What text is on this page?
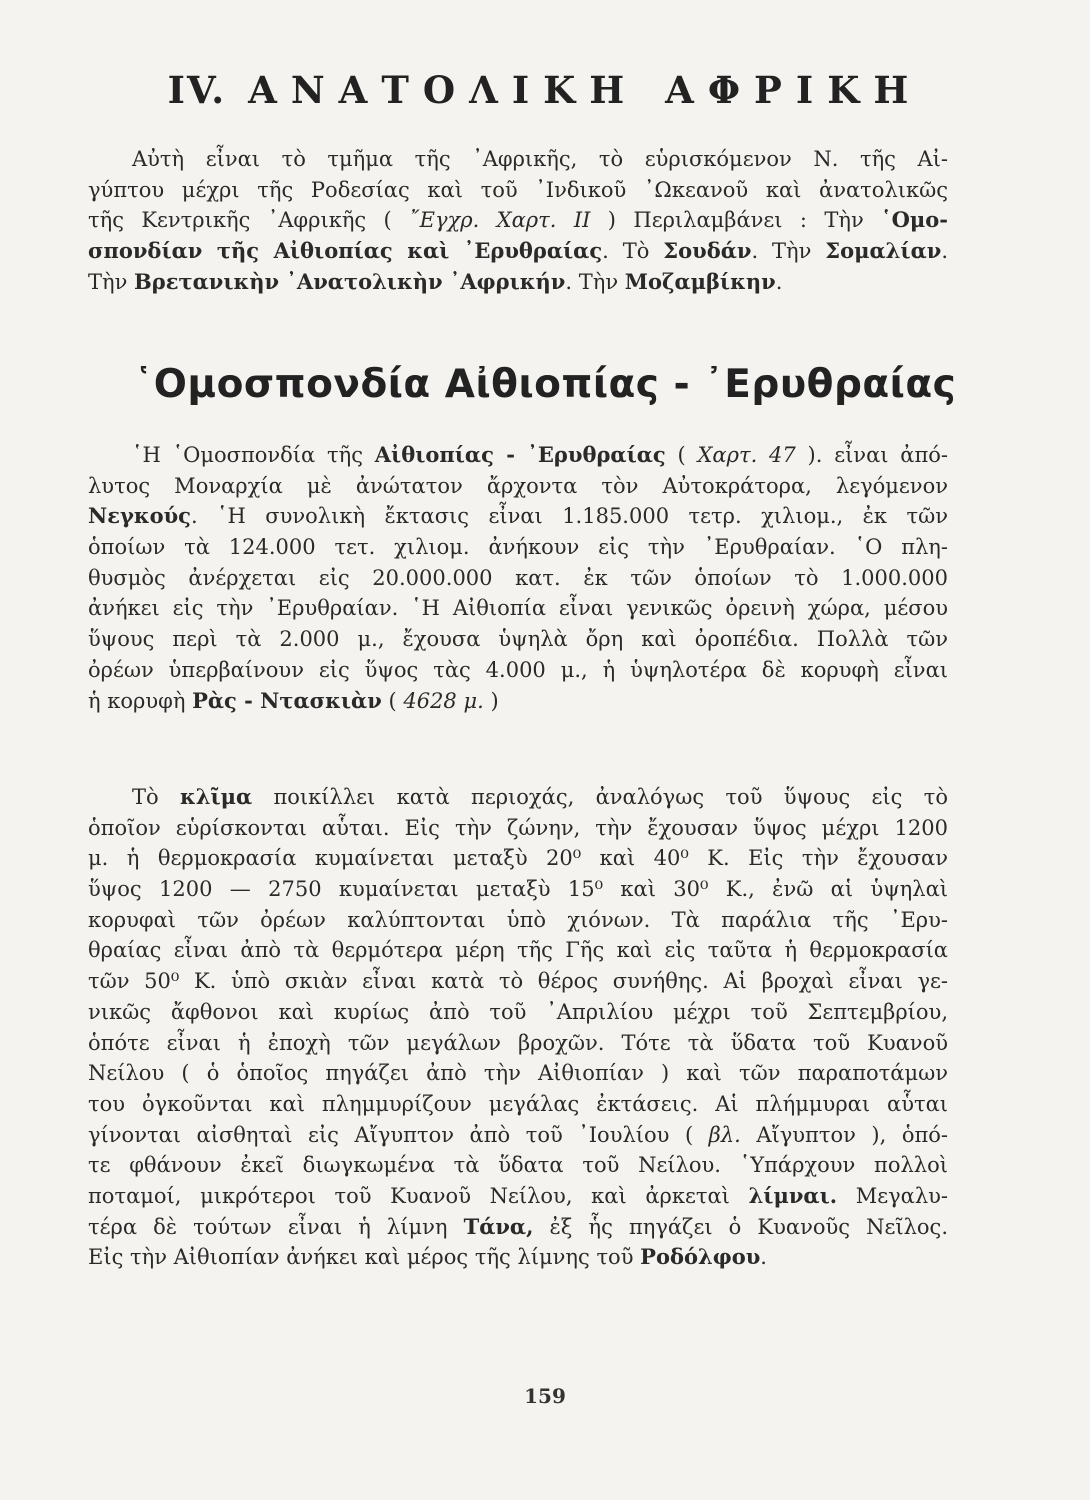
IV. ΑΝΑΤΟΛΙΚΗ ΑΦΡΙΚΗ
Αὐτὴ εἶναι τὸ τμῆμα τῆς ᾿Αφρικῆς, τὸ εὑρισκόμενον Ν. τῆς Αἰ-
γύπτου μέχρι τῆς Ροδεσίας καὶ τοῦ ᾿Ινδικοῦ ᾿Ωκεανοῦ καὶ ἀνατολικῶς
τῆς Κεντρικῆς ᾿Αφρικῆς ( ῎Εγχρ. Χαρτ. ΙΙ ) Περιλαμβάνει : Τὴν ῾Ομο-
σπονδίαν τῆς Αἰθιοπίας καὶ ᾿Ερυθραίας. Τὸ Σουδάν. Τὴν Σομαλίαν.
Τὴν Βρετανικὴν ᾿Ανατολικὴν ᾿Αφρικήν. Τὴν Μοζαμβίκην.
῾Ομοσπονδία Αἰθιοπίας - ᾿Ερυθραίας
῾Η ῾Ομοσπονδία τῆς Αἰθιοπίας - ᾿Ερυθραίας ( Χαρτ. 47 ). εἶναι ἀπό-
λυτος Μοναρχία μὲ ἀνώτατον ἄρχοντα τὸν Αὐτοκράτορα, λεγόμενον
Νεγκούς. ῾Η συνολικὴ ἔκτασις εἶναι 1.185.000 τετρ. χιλιομ., ἐκ τῶν
ὁποίων τὰ 124.000 τετ. χιλιομ. ἀνήκουν εἰς τὴν ᾿Ερυθραίαν. ῾Ο πλη-
θυσμὸς ἀνέρχεται εἰς 20.000.000 κατ. ἐκ τῶν ὁποίων τὸ 1.000.000
ἀνήκει εἰς τὴν ᾿Ερυθραίαν. ῾Η Αἰθιοπία εἶναι γενικῶς ὀρεινὴ χώρα, μέσου
ὕψους περὶ τὰ 2.000 μ., ἔχουσα ὑψηλὰ ὄρη καὶ ὀροπέδια. Πολλὰ τῶν
ὀρέων ὑπερβαίνουν εἰς ὕψος τὰς 4.000 μ., ἡ ὑψηλοτέρα δὲ κορυφὴ εἶναι
ἡ κορυφὴ Ρὰς - Ντασκιὰν ( 4628 μ. )
Τὸ κλῖμα ποικίλλει κατὰ περιοχάς, ἀναλόγως τοῦ ὕψους εἰς τὸ
ὁποῖον εὑρίσκονται αὗται. Εἰς τὴν ζώνην, τὴν ἔχουσαν ὕψος μέχρι 1200
μ. ἡ θερμοκρασία κυμαίνεται μεταξὺ 20⁰ καὶ 40⁰ Κ. Εἰς τὴν ἔχουσαν
ὕψος 1200 — 2750 κυμαίνεται μεταξὺ 15⁰ καὶ 30⁰ Κ., ἐνῶ αἱ ὑψηλαὶ
κορυφαὶ τῶν ὀρέων καλύπτονται ὑπὸ χιόνων. Τὰ παράλια τῆς ᾿Ερυ-
θραίας εἶναι ἀπὸ τὰ θερμότερα μέρη τῆς Γῆς καὶ εἰς ταῦτα ἡ θερμοκρασία
τῶν 50⁰ Κ. ὑπὸ σκιὰν εἶναι κατὰ τὸ θέρος συνήθης. Αἱ βροχαὶ εἶναι γε-
νικῶς ἄφθονοι καὶ κυρίως ἀπὸ τοῦ ᾿Απριλίου μέχρι τοῦ Σεπτεμβρίου,
ὁπότε εἶναι ἡ ἐποχὴ τῶν μεγάλων βροχῶν. Τότε τὰ ὕδατα τοῦ Κυανοῦ
Νείλου ( ὁ ὁποῖος πηγάζει ἀπὸ τὴν Αἰθιοπίαν ) καὶ τῶν παραποτάμων
του ὀγκοῦνται καὶ πλημμυρίζουν μεγάλας ἐκτάσεις. Αἱ πλήμμυραι αὗται
γίνονται αἰσθηταὶ εἰς Αἴγυπτον ἀπὸ τοῦ ᾿Ιουλίου ( βλ. Αἴγυπτον ), ὁπό-
τε φθάνουν ἐκεῖ διωγκωμένα τὰ ὕδατα τοῦ Νείλου. ῾Υπάρχουν πολλοὶ
ποταμοί, μικρότεροι τοῦ Κυανοῦ Νείλου, καὶ ἀρκεταὶ λίμναι. Μεγαλυ-
τέρα δὲ τούτων εἶναι ἡ λίμνη Τάνα, ἐξ ἧς πηγάζει ὁ Κυανοῦς Νεῖλος.
Εἰς τὴν Αἰθιοπίαν ἀνήκει καὶ μέρος τῆς λίμνης τοῦ Ροδόλφου.
159
